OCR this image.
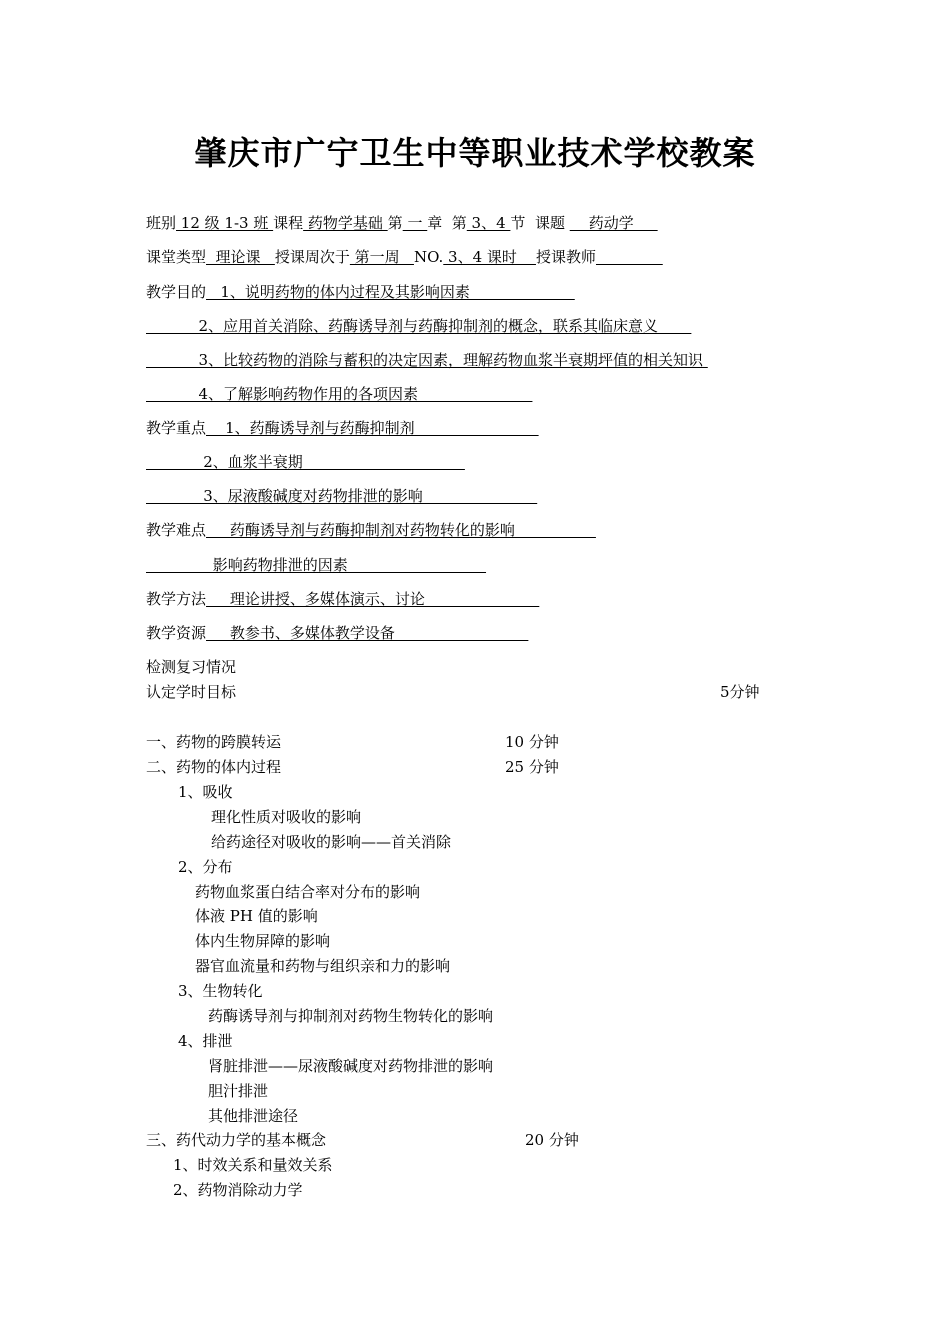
肇庆市广宁卫生中等职业技术学校教案
班别 12 级 1-3 班 课程 药物学基础 第 一 章  第 3、4 节  课题     药动学
课堂类型  理论课   授课周次于 第一周   NO. 3、4 课时    授课教师
教学目的   1、说明药物的体内过程及其影响因素
2、应用首关消除、药酶诱导剂与药酶抑制剂的概念，联系其临床意义
3、比较药物的消除与蓄积的决定因素，理解药物血浆半衰期坪值的相关知识
4、了解影响药物作用的各项因素
教学重点    1、药酶诱导剂与药酶抑制剂
2、血浆半衰期
3、尿液酸碱度对药物排泄的影响
教学难点     药酶诱导剂与药酶抑制剂对药物转化的影响
影响药物排泄的因素
教学方法     理论讲授、多媒体演示、讨论
教学资源     教参书、多媒体教学设备
检测复习情况
认定学时目标	5分钟
一、药物的跨膜转运	10 分钟
二、药物的体内过程	25 分钟
1、吸收
理化性质对吸收的影响
给药途径对吸收的影响——首关消除
2、分布
药物血浆蛋白结合率对分布的影响
体液 PH 值的影响
体内生物屏障的影响
器官血流量和药物与组织亲和力的影响
3、生物转化
药酶诱导剂与抑制剂对药物生物转化的影响
4、排泄
肾脏排泄——尿液酸碱度对药物排泄的影响
胆汁排泄
其他排泄途径
三、药代动力学的基本概念	20 分钟
1、时效关系和量效关系
2、药物消除动力学
